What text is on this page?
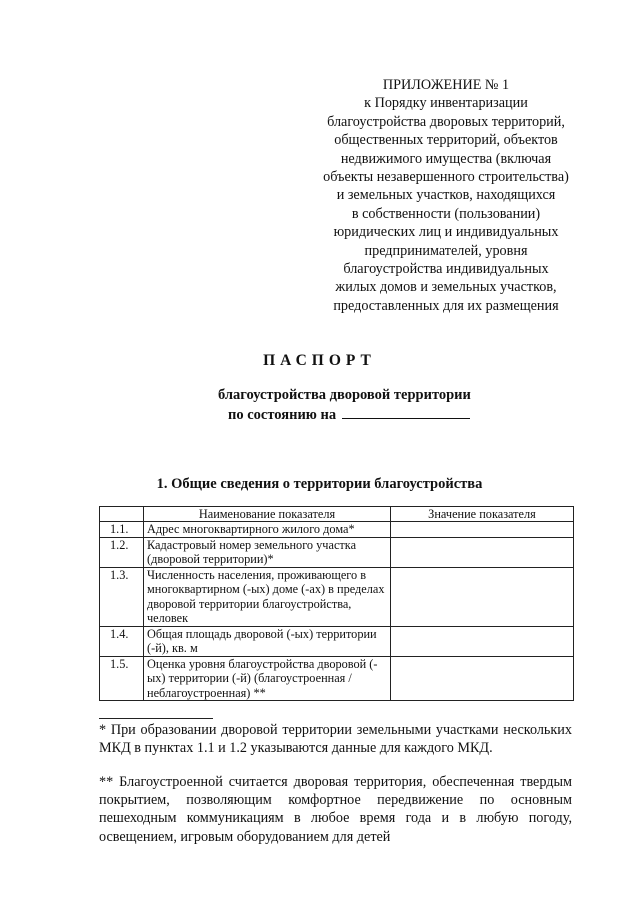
ПРИЛОЖЕНИЕ № 1
к Порядку инвентаризации
благоустройства дворовых территорий,
общественных территорий, объектов
недвижимого имущества (включая
объекты незавершенного строительства)
и земельных участков, находящихся
в собственности (пользовании)
юридических лиц и индивидуальных
предпринимателей, уровня
благоустройства индивидуальных
жилых домов и земельных участков,
предоставленных для их размещения
ПАСПОРТ
благоустройства дворовой территории
по состоянию на
1. Общие сведения о территории благоустройства
	Наименование показателя	Значение показателя
1.1.	Адрес многоквартирного жилого дома*	
1.2.	Кадастровый номер земельного участка (дворовой территории)*	
1.3.	Численность населения, проживающего в многоквартирном (-ых) доме (-ах) в пределах дворовой территории благоустройства, человек	
1.4.	Общая площадь дворовой (-ых) территории (-й), кв. м	
1.5.	Оценка уровня благоустройства дворовой (-ых) территории (-й) (благоустроенная / неблагоустроенная) **	
* При образовании дворовой территории земельными участками нескольких МКД в пунктах 1.1 и 1.2 указываются данные для каждого МКД.
** Благоустроенной считается дворовая территория, обеспеченная твердым покрытием, позволяющим комфортное передвижение по основным пешеходным коммуникациям в любое время года и в любую погоду, освещением, игровым оборудованием для детей
